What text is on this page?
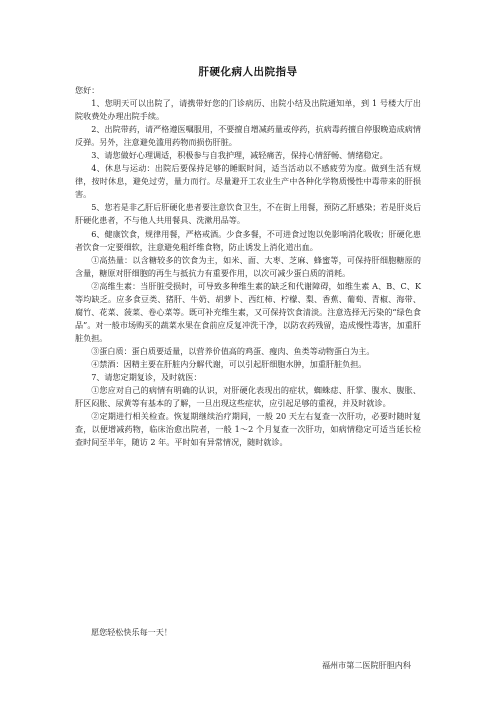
肝硬化病人出院指导

您好：

1、您明天可以出院了，请携带好您的门诊病历、出院小结及出院通知单，到 1 号楼大厅出院收费处办理出院手续。

2、出院带药，请严格遵医嘱服用，不要擅自增减药量或停药，抗病毒药擅自停服晚造成病情反弹。另外，注意避免滥用药物而损伤肝脏。

3、请您做好心理调适，积极参与自我护理，减轻痛苦，保持心情舒畅、情绪稳定。

4、休息与运动：出院后要保持足够的睡眠时间，适当活动以不感疲劳为度。做到生活有规律，按时休息，避免过劳，量力而行。尽量避开工农业生产中各种化学物质慢性中毒带来的肝损害。

5、您若是非乙肝后肝硬化患者要注意饮食卫生，不在街上用餐，预防乙肝感染；若是肝炎后肝硬化患者，不与他人共用餐具、洗漱用品等。

6、健康饮食，规律用餐，严格戒酒。少食多餐，不可进食过饱以免影响消化吸收；肝硬化患者饮食一定要细软，注意避免粗纤维食物，防止诱发上消化道出血。

①高热量：以含糖较多的饮食为主，如米、面、大枣、芝麻、蜂蜜等，可保持肝细胞糖原的含量，糖原对肝细胞的再生与抵抗力有重要作用，以次可减少蛋白质的消耗。

②高维生素：当肝脏受损时，可导致多种维生素的缺乏和代谢障碍，如维生素 A、B、C、K 等均缺乏。应多食豆类、猪肝、牛奶、胡萝卜、西红柿、柠檬、梨、香蕉、葡萄、青椒、海带、腐竹、花菜、菠菜、卷心菜等。既可补充维生素，又可保持饮食清淡。注意选择无污染的“绿色食品”。对一般市场购买的蔬菜水果在食前应反复冲洗干净，以防农药残留，造成慢性毒害，加重肝脏负担。

③蛋白质：蛋白质要适量，以营养价值高的鸡蛋、瘦肉、鱼类等动物蛋白为主。

④禁酒：因精主要在肝脏内分解代谢，可以引起肝细胞水肿，加重肝脏负担。

7、请您定期复诊，及时就医：

①您应对自己的病情有明确的认识，对肝硬化表现出的症状，蜘蛛痣、肝掌、腹水、腹胀、肝区闷胀、尿黄等有基本的了解，一旦出现这些症状，应引起足够的重视，并及时就诊。

②定期进行相关检查。恢复期继续治疗期间，一般 20 天左右复查一次肝功，必要时随时复查，以便增减药物，临床治愈出院者，一般 1～2 个月复查一次肝功，如病情稳定可适当延长检查时间至半年，随访 2 年。平时如有异常情况，随时就诊。

愿您轻松快乐每一天！
福州市第二医院肝胆内科
